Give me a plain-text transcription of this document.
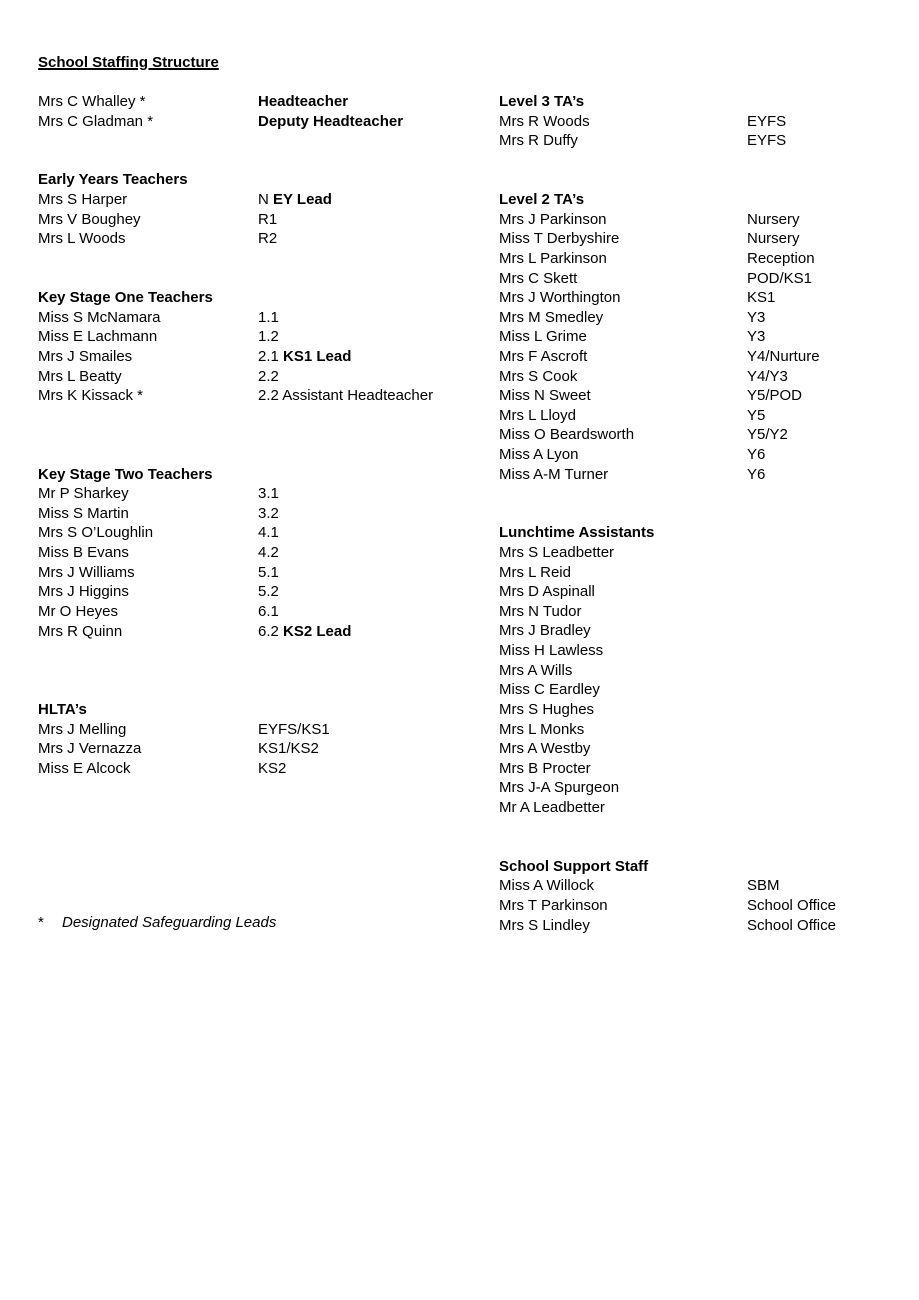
School Staffing Structure
Mrs C Whalley *	Headteacher
Mrs C Gladman *	Deputy Headteacher
Early Years Teachers
Mrs S Harper	N EY Lead
Mrs V Boughey	R1
Mrs L Woods	R2
Key Stage One Teachers
Miss S McNamara	1.1
Miss E Lachmann	1.2
Mrs J Smailes	2.1 KS1 Lead
Mrs L Beatty	2.2
Mrs K Kissack *	2.2 Assistant Headteacher
Key Stage Two Teachers
Mr P Sharkey	3.1
Miss S Martin	3.2
Mrs S O’Loughlin	4.1
Miss B Evans	4.2
Mrs J Williams	5.1
Mrs J Higgins	5.2
Mr O Heyes	6.1
Mrs R Quinn	6.2 KS2 Lead
HLTA’s
Mrs J Melling	EYFS/KS1
Mrs J Vernazza	KS1/KS2
Miss E Alcock	KS2
Level 3 TA’s
Mrs R Woods	EYFS
Mrs R Duffy	EYFS
Level 2 TA’s
Mrs J Parkinson	Nursery
Miss T Derbyshire	Nursery
Mrs L Parkinson	Reception
Mrs C Skett	POD/KS1
Mrs J Worthington	KS1
Mrs M Smedley	Y3
Miss L Grime	Y3
Mrs F Ascroft	Y4/Nurture
Mrs S Cook	Y4/Y3
Miss N Sweet	Y5/POD
Mrs L Lloyd	Y5
Miss O Beardsworth	Y5/Y2
Miss A Lyon	Y6
Miss A-M Turner	Y6
Lunchtime Assistants
Mrs S Leadbetter
Mrs L Reid
Mrs D Aspinall
Mrs N Tudor
Mrs J Bradley
Miss H Lawless
Mrs A Wills
Miss C Eardley
Mrs S Hughes
Mrs L Monks
Mrs A Westby
Mrs B Procter
Mrs J-A Spurgeon
Mr A Leadbetter
School Support Staff
Miss A Willock	SBM
Mrs T Parkinson	School Office
Mrs S Lindley	School Office
* Designated Safeguarding Leads
